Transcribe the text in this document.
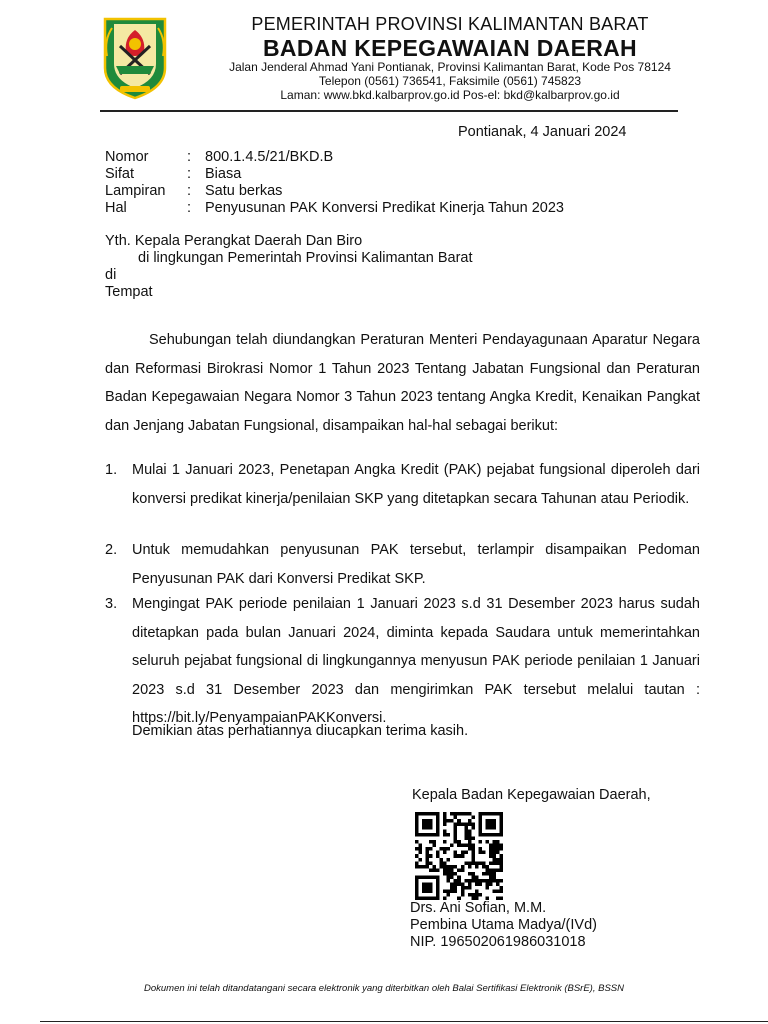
PEMERINTAH PROVINSI KALIMANTAN BARAT
BADAN KEPEGAWAIAN DAERAH
Jalan Jenderal Ahmad Yani Pontianak, Provinsi Kalimantan Barat, Kode Pos 78124
Telepon (0561) 736541, Faksimile (0561) 745823
Laman: www.bkd.kalbarprov.go.id Pos-el: bkd@kalbarprov.go.id
Pontianak, 4 Januari 2024
Nomor	: 800.1.4.5/21/BKD.B
Sifat	: Biasa
Lampiran : Satu berkas
Hal	: Penyusunan PAK Konversi Predikat Kinerja Tahun 2023
Yth. Kepala Perangkat Daerah Dan Biro
di lingkungan Pemerintah Provinsi Kalimantan Barat
di
Tempat

Sehubungan telah diundangkan Peraturan Menteri Pendayagunaan Aparatur Negara dan Reformasi Birokrasi Nomor 1 Tahun 2023 Tentang Jabatan Fungsional dan Peraturan Badan Kepegawaian Negara Nomor 3 Tahun 2023 tentang Angka Kredit, Kenaikan Pangkat dan Jenjang Jabatan Fungsional, disampaikan hal-hal sebagai berikut:

1. Mulai 1 Januari 2023, Penetapan Angka Kredit (PAK) pejabat fungsional diperoleh dari konversi predikat kinerja/penilaian SKP yang ditetapkan secara Tahunan atau Periodik.
2. Untuk memudahkan penyusunan PAK tersebut, terlampir disampaikan Pedoman Penyusunan PAK dari Konversi Predikat SKP.
3. Mengingat PAK periode penilaian 1 Januari 2023 s.d 31 Desember 2023 harus sudah ditetapkan pada bulan Januari 2024, diminta kepada Saudara untuk memerintahkan seluruh pejabat fungsional di lingkungannya menyusun PAK periode penilaian 1 Januari 2023 s.d 31 Desember 2023 dan mengirimkan PAK tersebut melalui tautan : https://bit.ly/PenyampaianPAKKonversi.
Demikian atas perhatiannya diucapkan terima kasih.
Kepala Badan Kepegawaian Daerah,
Drs. Ani Sofian, M.M.
Pembina Utama Madya/(IVd)
NIP. 196502061986031018
Dokumen ini telah ditandatangani secara elektronik yang diterbitkan oleh Balai Sertifikasi Elektronik (BSrE), BSSN
